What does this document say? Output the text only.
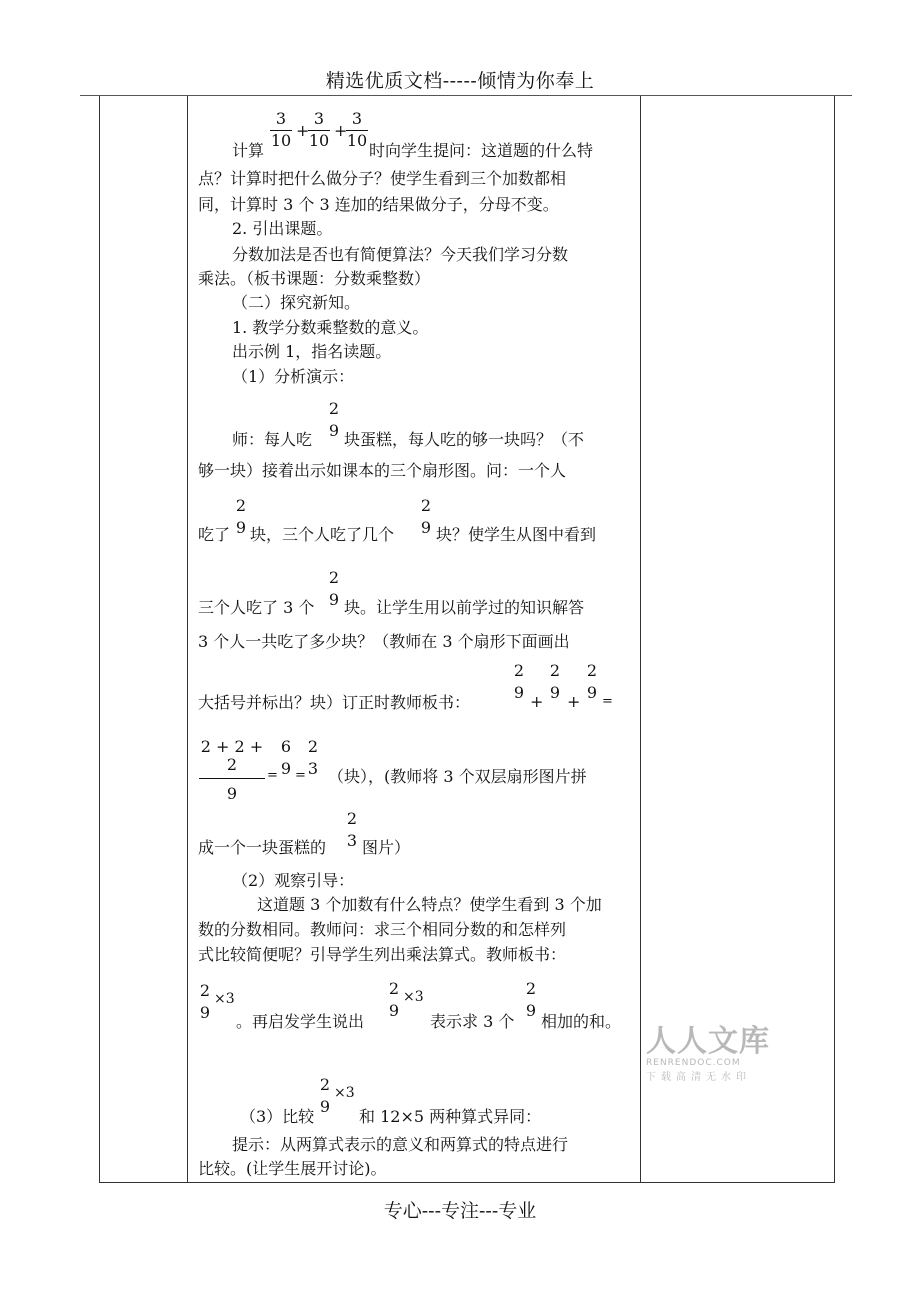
精选优质文档-----倾情为你奉上
3
10
+
3
10
+
3
10
计算	时向学生提问：这道题的什么特
点？计算时把什么做分子？使学生看到三个加数都相
同，计算时 3 个 3 连加的结果做分子，分母不变。
2. 引出课题。
分数加法是否也有简便算法？今天我们学习分数
乘法。（板书课题：分数乘整数）
（二）探究新知。
1. 教学分数乘整数的意义。
出示例 1，指名读题。
（1）分析演示：
2
9
师：每人吃 块蛋糕，每人吃的够一块吗？（不
够一块）接着出示如课本的三个扇形图。问：一个人
2
9
2
9
吃了 块，三个人吃了几个	块？使学生从图中看到
2
9
三个人吃了 3 个 块。让学生用以前学过的知识解答
3 个人一共吃了多少块？（教师在 3 个扇形下面画出
大括号并标出？块）订正时教师板书：
2
9 +
2
9 +
2
9 =
2 + 2 + 2
9
=
6
9 =
2
3 （块），(教师将 3 个双层扇形图片拼
2
3
成一个一块蛋糕的 图片）
（2）观察引导：
这道题 3 个加数有什么特点？使学生看到 3 个加
数的分数相同。教师问：求三个相同分数的和怎样列
式比较简便呢？引导学生列出乘法算式。教师板书：
2
9
×3
。再启发学生说出
2
9
×3
表示求 3 个
2
9
相加的和。
2
9
×3
（3）比较	和 12×5 两种算式异同：
提示：从两算式表示的意义和两算式的特点进行
比较。(让学生展开讨论)。
人人文库
RENRENDOC.COM
下载高清无水印
专心---专注---专业
